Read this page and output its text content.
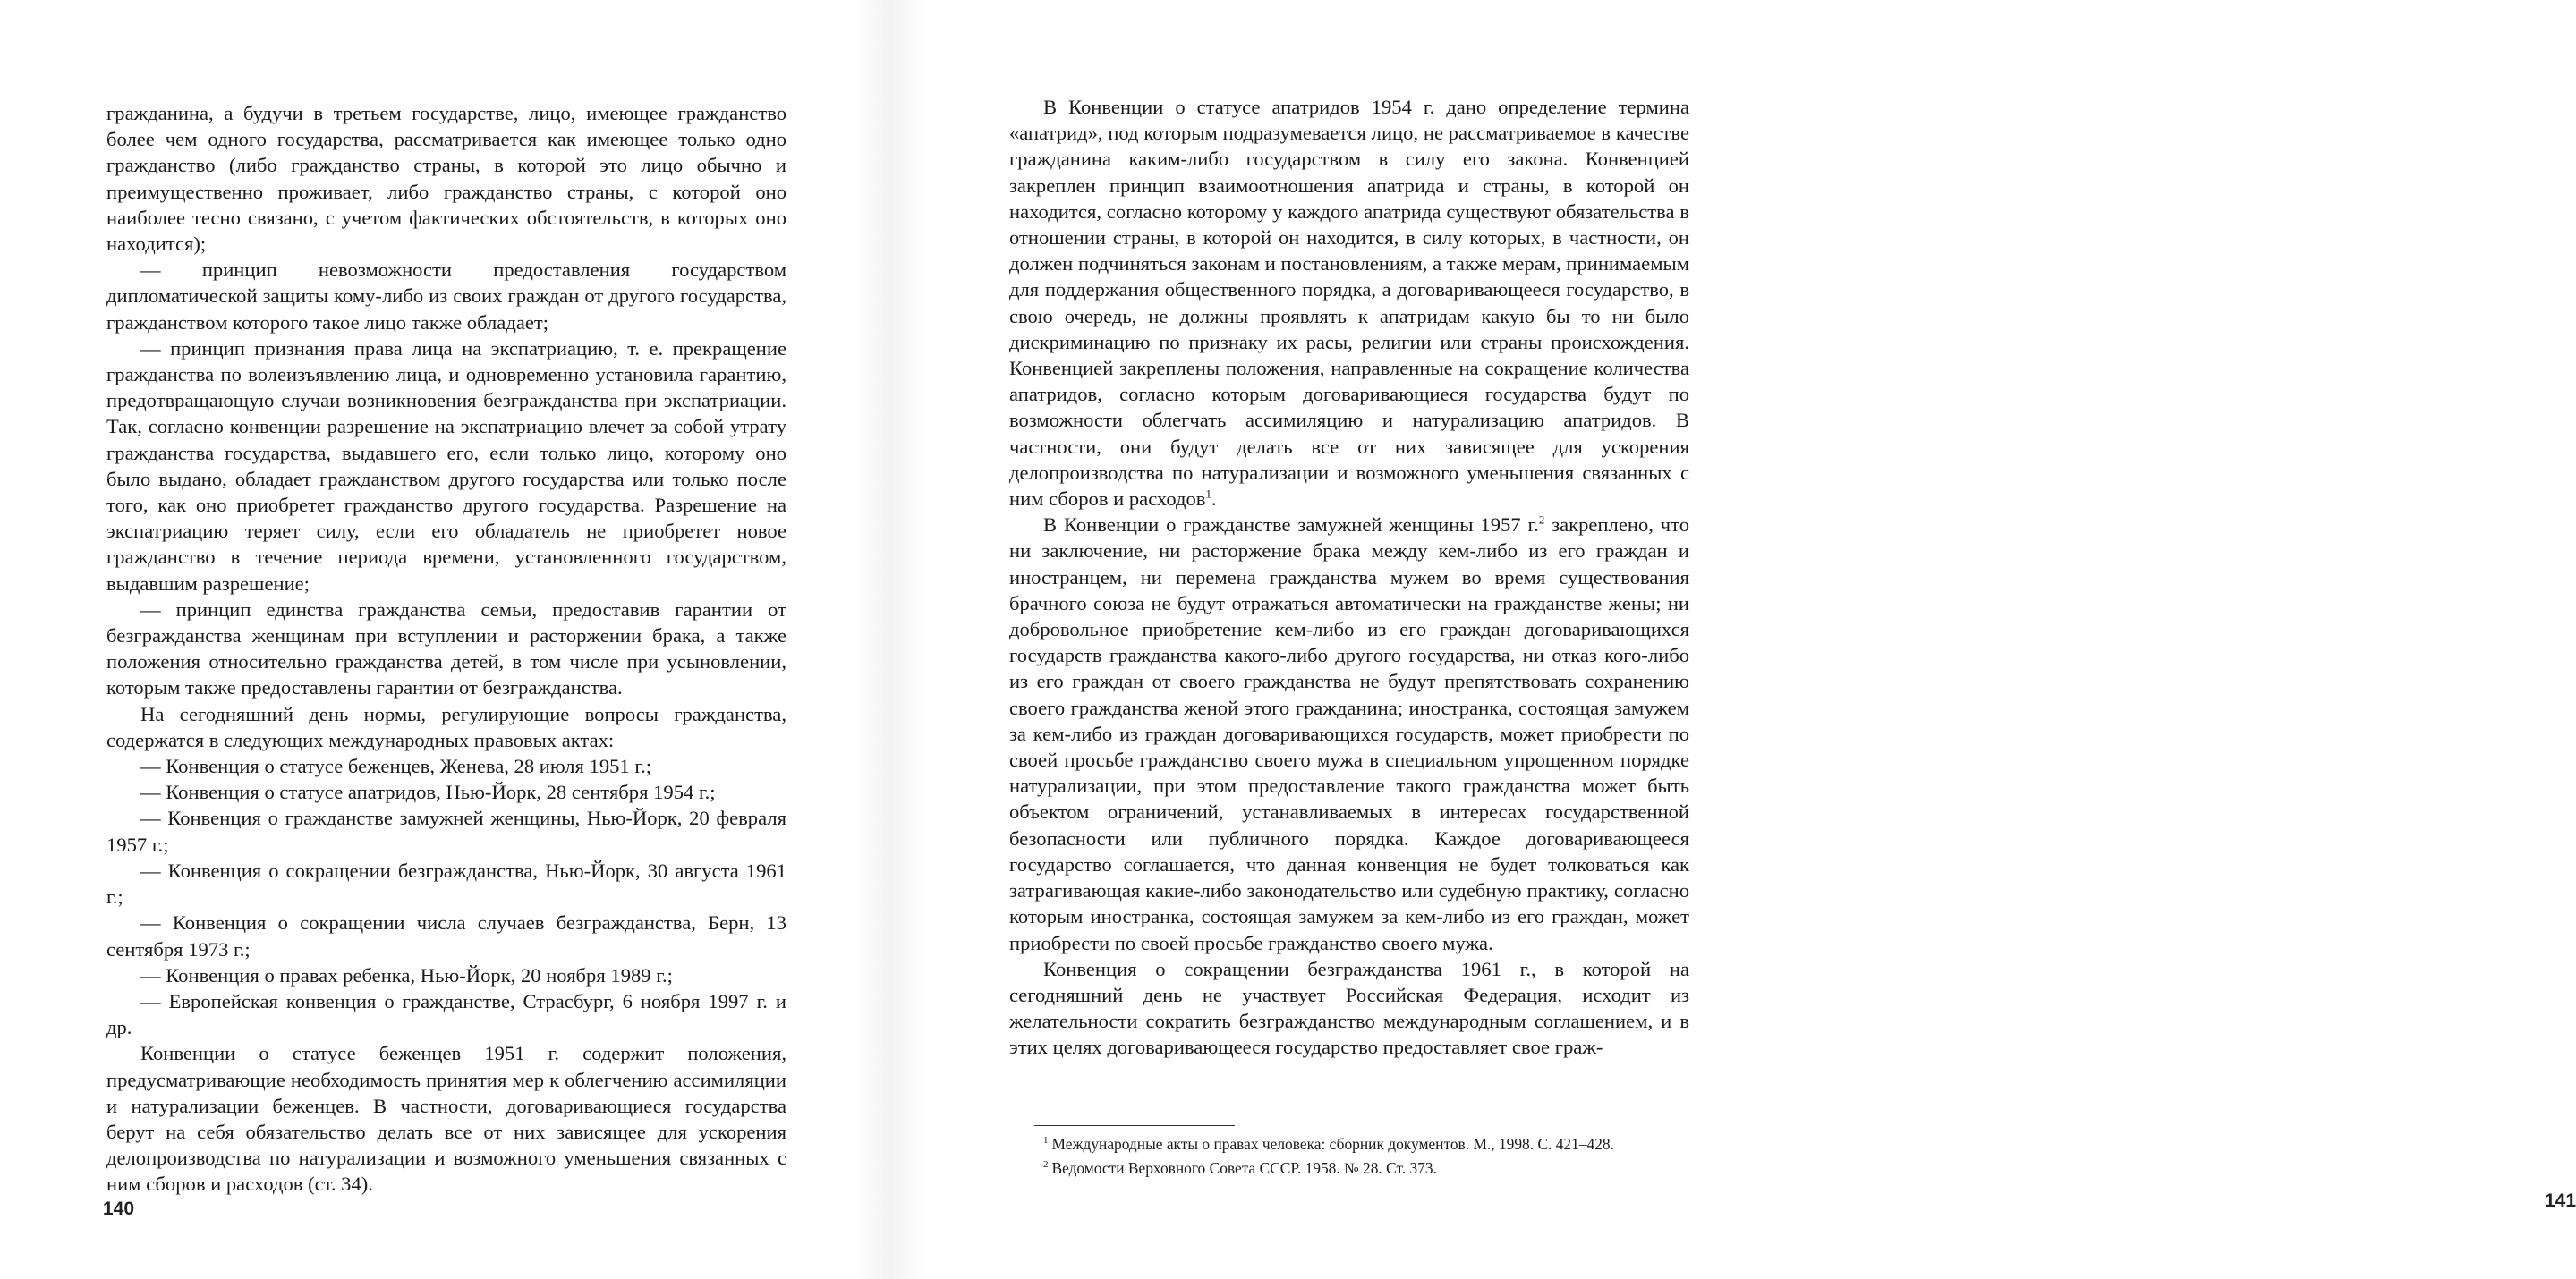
гражданина, а будучи в третьем государстве, лицо, имеющее гражданство более чем одного государства, рассматривается как имеющее только одно гражданство (либо гражданство страны, в которой это лицо обычно и преимущественно проживает, либо гражданство страны, с которой оно наиболее тесно связано, с учетом фактических обстоятельств, в которых оно находится);

— принцип невозможности предоставления государством дипломатической защиты кому-либо из своих граждан от другого государства, гражданством которого такое лицо также обладает;

— принцип признания права лица на экспатриацию, т. е. прекращение гражданства по волеизъявлению лица, и одновременно установила гарантию, предотвращающую случаи возникновения безгражданства при экспатриации. Так, согласно конвенции разрешение на экспатриацию влечет за собой утрату гражданства государства, выдавшего его, если только лицо, которому оно было выдано, обладает гражданством другого государства или только после того, как оно приобретет гражданство другого государства. Разрешение на экспатриацию теряет силу, если его обладатель не приобретет новое гражданство в течение периода времени, установленного государством, выдавшим разрешение;

— принцип единства гражданства семьи, предоставив гарантии от безгражданства женщинам при вступлении и расторжении брака, а также положения относительно гражданства детей, в том числе при усыновлении, которым также предоставлены гарантии от безгражданства.

На сегодняшний день нормы, регулирующие вопросы гражданства, содержатся в следующих международных правовых актах:

— Конвенция о статусе беженцев, Женева, 28 июля 1951 г.;

— Конвенция о статусе апатридов, Нью-Йорк, 28 сентября 1954 г.;

— Конвенция о гражданстве замужней женщины, Нью-Йорк, 20 февраля 1957 г.;

— Конвенция о сокращении безгражданства, Нью-Йорк, 30 августа 1961 г.;

— Конвенция о сокращении числа случаев безгражданства, Берн, 13 сентября 1973 г.;

— Конвенция о правах ребенка, Нью-Йорк, 20 ноября 1989 г.;

— Европейская конвенция о гражданстве, Страсбург, 6 ноября 1997 г. и др.

Конвенции о статусе беженцев 1951 г. содержит положения, предусматривающие необходимость принятия мер к облегчению ассимиляции и натурализации беженцев. В частности, договаривающиеся государства берут на себя обязательство делать все от них зависящее для ускорения делопроизводства по натурализации и возможного уменьшения связанных с ним сборов и расходов (ст. 34).

140

В Конвенции о статусе апатридов 1954 г. дано определение термина «апатрид», под которым подразумевается лицо, не рассматриваемое в качестве гражданина каким-либо государством в силу его закона. Конвенцией закреплен принцип взаимоотношения апатрида и страны, в которой он находится, согласно которому у каждого апатрида существуют обязательства в отношении страны, в которой он находится, в силу которых, в частности, он должен подчиняться законам и постановлениям, а также мерам, принимаемым для поддержания общественного порядка, а договаривающееся государство, в свою очередь, не должны проявлять к апатридам какую бы то ни было дискриминацию по признаку их расы, религии или страны происхождения. Конвенцией закреплены положения, направленные на сокращение количества апатридов, согласно которым договаривающиеся государства будут по возможности облегчать ассимиляцию и натурализацию апатридов. В частности, они будут делать все от них зависящее для ускорения делопроизводства по натурализации и возможного уменьшения связанных с ним сборов и расходов$^1$.

В Конвенции о гражданстве замужней женщины 1957 г.$^2$ закреплено, что ни заключение, ни расторжение брака между кем-либо из его граждан и иностранцем, ни перемена гражданства мужем во время существования брачного союза не будут отражаться автоматически на гражданстве жены; ни добровольное приобретение кем-либо из его граждан договаривающихся государств гражданства какого-либо другого государства, ни отказ кого-либо из его граждан от своего гражданства не будут препятствовать сохранению своего гражданства женой этого гражданина; иностранка, состоящая замужем за кем-либо из граждан договаривающихся государств, может приобрести по своей просьбе гражданство своего мужа в специальном упрощенном порядке натурализации, при этом предоставление такого гражданства может быть объектом ограничений, устанавливаемых в интересах государственной безопасности или публичного порядка. Каждое договаривающееся государство соглашается, что данная конвенция не будет толковаться как затрагивающая какие-либо законодательство или судебную практику, согласно которым иностранка, состоящая замужем за кем-либо из его граждан, может приобрести по своей просьбе гражданство своего мужа.

Конвенция о сокращении безгражданства 1961 г., в которой на сегодняшний день не участвует Российская Федерация, исходит из желательности сократить безгражданство международным соглашением, и в этих целях договаривающееся государство предоставляет свое граж-

141

$^1$ Международные акты о правах человека: сборник документов. М., 1998. С. 421–428.

$^2$ Ведомости Верховного Совета СССР. 1958. № 28. Ст. 373.
